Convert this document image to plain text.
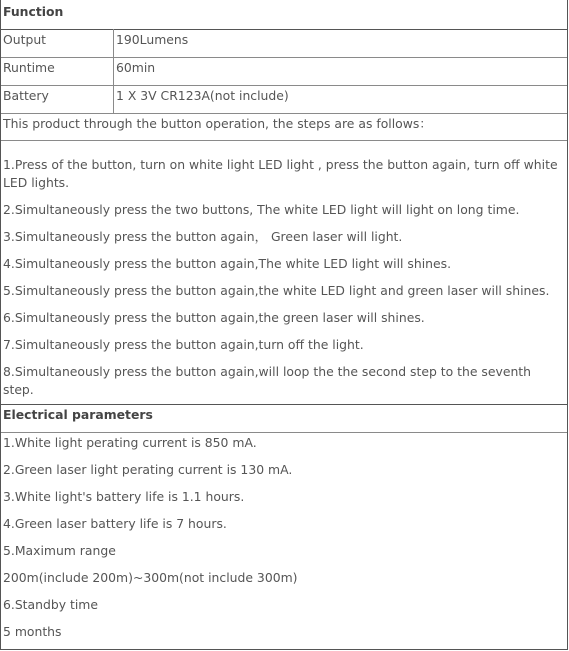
Function
Output	190Lumens
Runtime	60min
Battery	1 X 3V CR123A(not include)
This product through the button operation, the steps are as follows：
1.Press of the button, turn on white light LED light , press the button again, turn off white LED lights.
2.Simultaneously press the two buttons, The white LED light will light on long time.
3.Simultaneously press the button again， Green laser will light.
4.Simultaneously press the button again,The white LED light will shines.
5.Simultaneously press the button again,the white LED light and green laser will shines.
6.Simultaneously press the button again,the green laser will shines.
7.Simultaneously press the button again,turn off the light.
8.Simultaneously press the button again,will loop the the second step to the seventh step.
Electrical parameters
1.White light perating current is 850 mA.
2.Green laser light perating current is 130 mA.
3.White light's battery life is 1.1 hours.
4.Green laser battery life is 7 hours.
5.Maximum range
200m(include 200m)~300m(not include 300m)
6.Standby time
5 months
